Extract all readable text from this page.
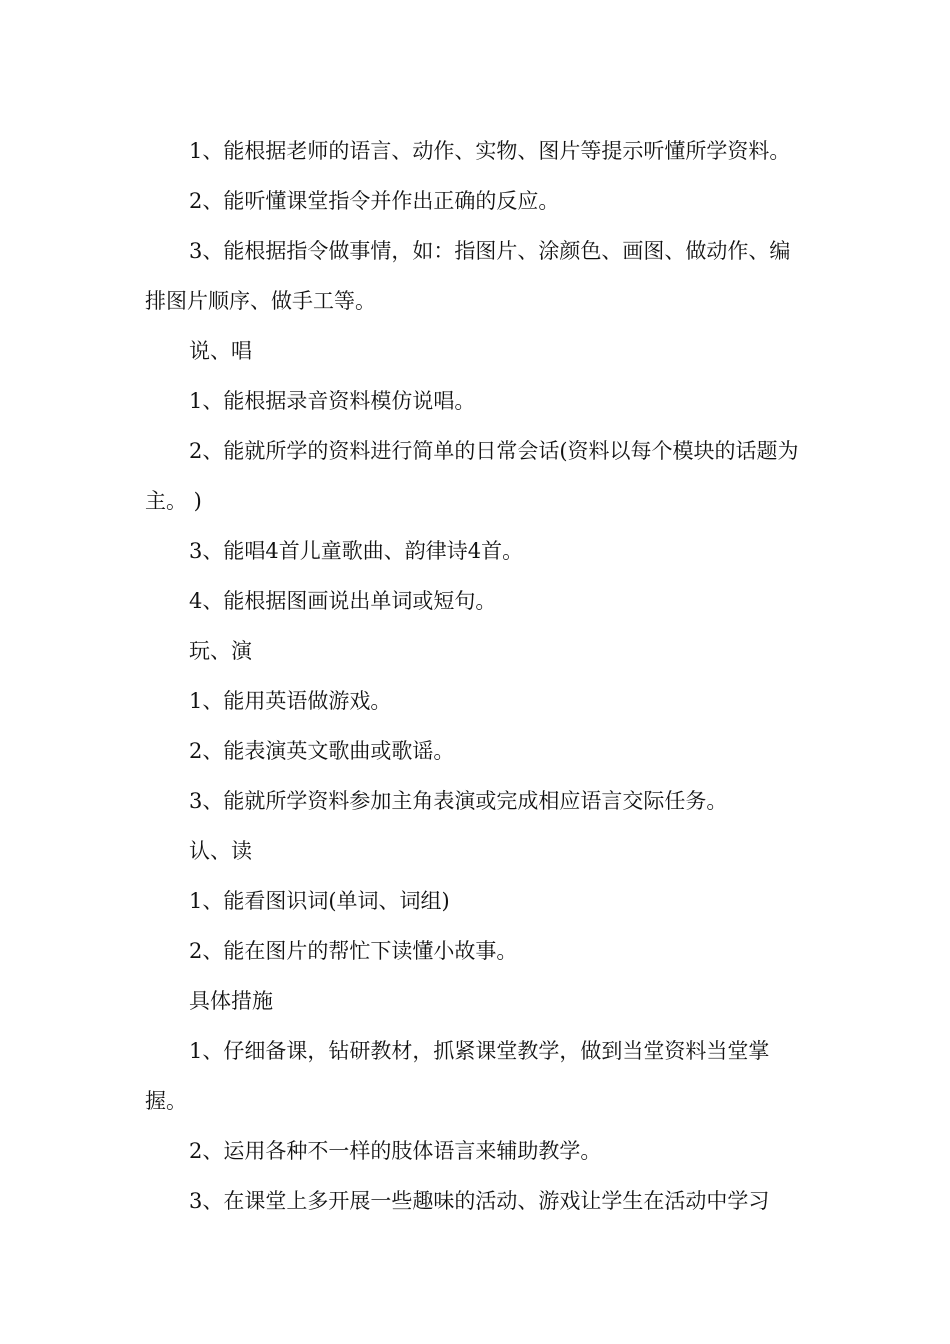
1、能根据老师的语言、动作、实物、图片等提示听懂所学资料。

2、能听懂课堂指令并作出正确的反应。

3、能根据指令做事情，如：指图片、涂颜色、画图、做动作、编排图片顺序、做手工等。

说、唱

1、能根据录音资料模仿说唱。

2、能就所学的资料进行简单的日常会话(资料以每个模块的话题为主。 )

3、能唱4首儿童歌曲、韵律诗4首。

4、能根据图画说出单词或短句。

玩、演

1、能用英语做游戏。

2、能表演英文歌曲或歌谣。

3、能就所学资料参加主角表演或完成相应语言交际任务。

认、读

1、能看图识词(单词、词组)

2、能在图片的帮忙下读懂小故事。

具体措施

1、仔细备课，钻研教材，抓紧课堂教学，做到当堂资料当堂掌握。

2、运用各种不一样的肢体语言来辅助教学。

3、在课堂上多开展一些趣味的活动、游戏让学生在活动中学习
